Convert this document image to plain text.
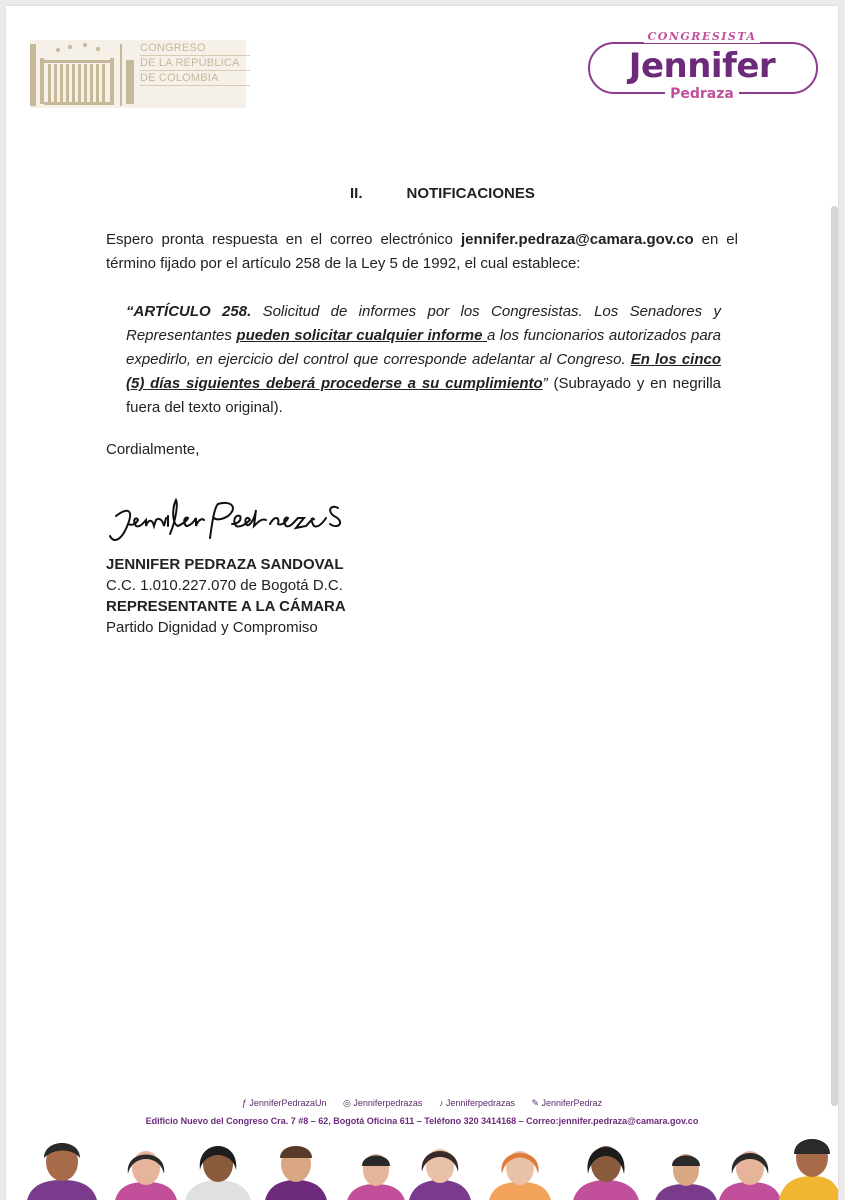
CONGRESO
DE LA REPÚBLICA
DE COLOMBIA
CONGRESISTA
Jennifer
Pedraza
II.	NOTIFICACIONES
Espero pronta respuesta en el correo electrónico jennifer.pedraza@camara.gov.co en el término fijado por el artículo 258 de la Ley 5 de 1992, el cual establece:
“ARTÍCULO 258. Solicitud de informes por los Congresistas. Los Senadores y Representantes pueden solicitar cualquier informe a los funcionarios autorizados para expedirlo, en ejercicio del control que corresponde adelantar al Congreso. En los cinco (5) días siguientes deberá procederse a su cumplimiento” (Subrayado y en negrilla fuera del texto original).
Cordialmente,
JENNIFER PEDRAZA SANDOVAL
C.C. 1.010.227.070 de Bogotá D.C.
REPRESENTANTE A LA CÁMARA
Partido Dignidad y Compromiso
ƒ JenniferPedrazaUn ◎ Jenniferpedrazas ♪ Jenniferpedrazas ✎ JenniferPedraz
Edificio Nuevo del Congreso Cra. 7 #8 – 62, Bogotá Oficina 611 – Teléfono 320 3414168 – Correo:jennifer.pedraza@camara.gov.co
